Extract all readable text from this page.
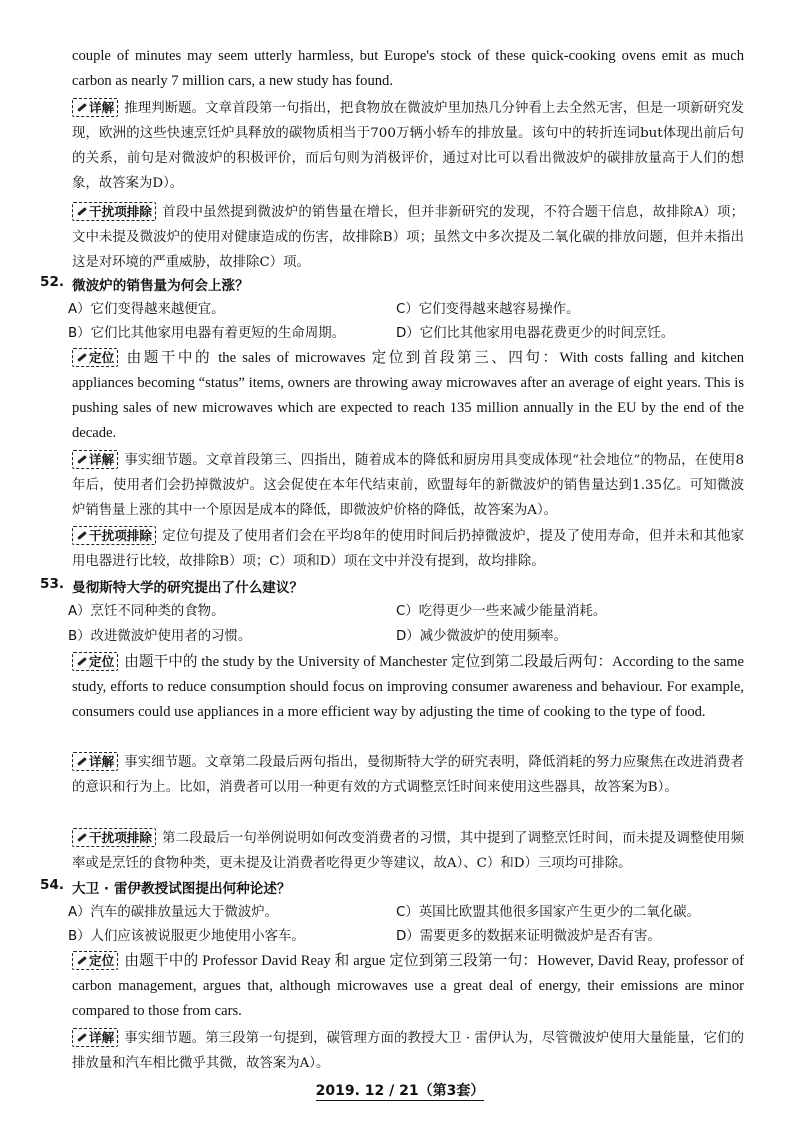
couple of minutes may seem utterly harmless, but Europe's stock of these quick-cooking ovens emit as much carbon as nearly 7 million cars, a new study has found.
详解 推理判断题。文章首段第一句指出，把食物放在微波炉里加热几分钟看上去全然无害，但是一项新研究发现，欧洲的这些快速烹饪炉具释放的碳物质相当于700万辆小轿车的排放量。该句中的转折连词but体现出前后句的关系，前句是对微波炉的积极评价，而后句则为消极评价，通过对比可以看出微波炉的碳排放量高于人们的想象，故答案为D）。
干扰项排除 首段中虽然提到微波炉的销售量在增长，但并非新研究的发现，不符合题干信息，故排除A）项；文中未提及微波炉的使用对健康造成的伤害，故排除B）项；虽然文中多次提及二氧化碳的排放问题，但并未指出这是对环境的严重威胁，故排除C）项。
52. 微波炉的销售量为何会上涨？
A）它们变得越来越便宜。	C）它们变得越来越容易操作。
B）它们比其他家用电器有着更短的生命周期。	D）它们比其他家用电器花费更少的时间烹饪。
定位 由题干中的 the sales of microwaves 定位到首段第三、四句：With costs falling and kitchen appliances becoming “status” items, owners are throwing away microwaves after an average of eight years. This is pushing sales of new microwaves which are expected to reach 135 million annually in the EU by the end of the decade.
详解 事实细节题。文章首段第三、四指出，随着成本的降低和厨房用具变成体现“社会地位”的物品，在使用8年后，使用者们会扔掉微波炉。这会促使在本年代结束前，欧盟每年的新微波炉的销售量达到1.35亿。可知微波炉销售量上涨的其中一个原因是成本的降低，即微波炉价格的降低，故答案为A）。
干扰项排除 定位句提及了使用者们会在平均8年的使用时间后扔掉微波炉，提及了使用寿命，但并未和其他家用电器进行比较，故排除B）项；C）项和D）项在文中并没有提到，故均排除。
53. 曼彻斯特大学的研究提出了什么建议？
A）烹饪不同种类的食物。	C）吃得更少一些来减少能量消耗。
B）改进微波炉使用者的习惯。	D）减少微波炉的使用频率。
定位 由题干中的 the study by the University of Manchester 定位到第二段最后两句：According to the same study, efforts to reduce consumption should focus on improving consumer awareness and behaviour. For example, consumers could use appliances in a more efficient way by adjusting the time of cooking to the type of food.
详解 事实细节题。文章第二段最后两句指出，曼彻斯特大学的研究表明，降低消耗的努力应聚焦在改进消费者的意识和行为上。比如，消费者可以用一种更有效的方式调整烹饪时间来使用这些器具，故答案为B）。
干扰项排除 第二段最后一句举例说明如何改变消费者的习惯，其中提到了调整烹饪时间，而未提及调整使用频率或是烹饪的食物种类，更未提及让消费者吃得更少等建议，故A）、C）和D）三项均可排除。
54. 大卫 · 雷伊教授试图提出何种论述？
A）汽车的碳排放量远大于微波炉。	C）英国比欧盟其他很多国家产生更少的二氧化碳。
B）人们应该被说服更少地使用小客车。	D）需要更多的数据来证明微波炉是否有害。
定位 由题干中的 Professor David Reay 和 argue 定位到第三段第一句：However, David Reay, professor of carbon management, argues that, although microwaves use a great deal of energy, their emissions are minor compared to those from cars.
详解 事实细节题。第三段第一句提到，碳管理方面的教授大卫 · 雷伊认为，尽管微波炉使用大量能量，它们的排放量和汽车相比微乎其微，故答案为A）。
2019. 12 / 21（第3套）
